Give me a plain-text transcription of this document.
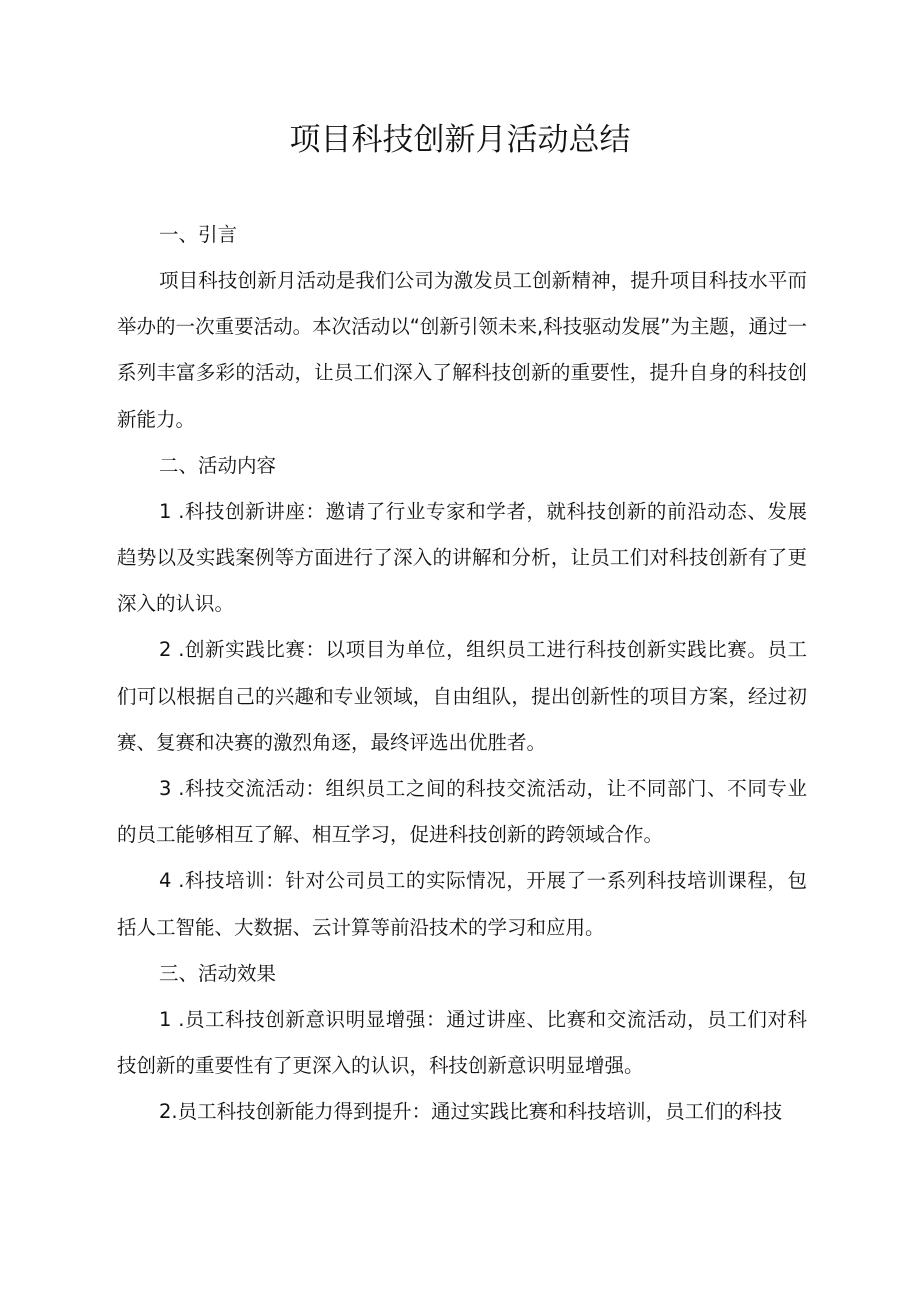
项目科技创新月活动总结

一、引言

项目科技创新月活动是我们公司为激发员工创新精神，提升项目科技水平而举办的一次重要活动。本次活动以“创新引领未来,科技驱动发展”为主题，通过一系列丰富多彩的活动，让员工们深入了解科技创新的重要性，提升自身的科技创新能力。

二、活动内容

1 .科技创新讲座：邀请了行业专家和学者，就科技创新的前沿动态、发展趋势以及实践案例等方面进行了深入的讲解和分析，让员工们对科技创新有了更深入的认识。

2 .创新实践比赛：以项目为单位，组织员工进行科技创新实践比赛。员工们可以根据自己的兴趣和专业领域，自由组队，提出创新性的项目方案，经过初赛、复赛和决赛的激烈角逐，最终评选出优胜者。

3 .科技交流活动：组织员工之间的科技交流活动，让不同部门、不同专业的员工能够相互了解、相互学习，促进科技创新的跨领域合作。

4 .科技培训：针对公司员工的实际情况，开展了一系列科技培训课程，包括人工智能、大数据、云计算等前沿技术的学习和应用。

三、活动效果

1 .员工科技创新意识明显增强：通过讲座、比赛和交流活动，员工们对科技创新的重要性有了更深入的认识，科技创新意识明显增强。

2.员工科技创新能力得到提升：通过实践比赛和科技培训，员工们的科技
